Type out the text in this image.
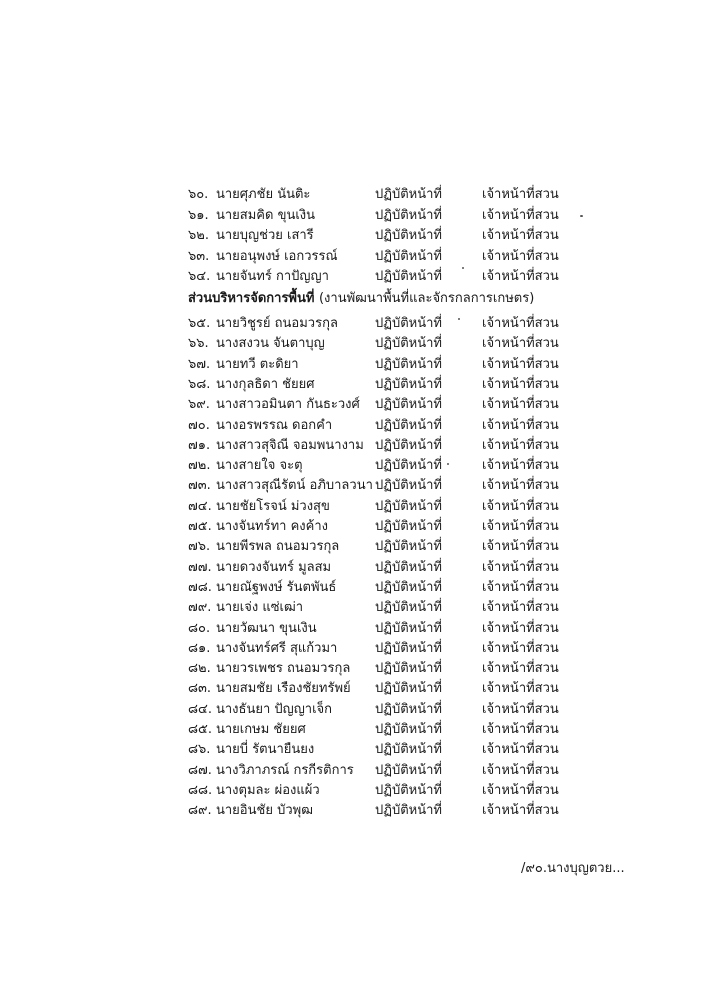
๖๐. นายศุภชัย นันติะ	ปฏิบัติหน้าที่	เจ้าหน้าที่สวน
๖๑. นายสมคิด ขุนเงิน	ปฏิบัติหน้าที่	เจ้าหน้าที่สวน
๖๒. นายบุญช่วย เสารี	ปฏิบัติหน้าที่	เจ้าหน้าที่สวน
๖๓. นายอนุพงษ์ เอกวรรณ์	ปฏิบัติหน้าที่	เจ้าหน้าที่สวน
๖๔. นายจันทร์ กาปัญญา	ปฏิบัติหน้าที่	เจ้าหน้าที่สวน
ส่วนบริหารจัดการพื้นที่ (งานพัฒนาพื้นที่และจักรกลการเกษตร)
๖๕. นายวิชูรย์ ถนอมวรกุล	ปฏิบัติหน้าที่	เจ้าหน้าที่สวน
๖๖. นางสงวน จันตาบุญ	ปฏิบัติหน้าที่	เจ้าหน้าที่สวน
๖๗. นายทวี ตะดิยา	ปฏิบัติหน้าที่	เจ้าหน้าที่สวน
๖๘. นางกุลธิดา ชัยยศ	ปฏิบัติหน้าที่	เจ้าหน้าที่สวน
๖๙. นางสาวอมินตา กันธะวงศ์ ปฏิบัติหน้าที่	เจ้าหน้าที่สวน
๗๐. นางอรพรรณ ดอกคำ	ปฏิบัติหน้าที่	เจ้าหน้าที่สวน
๗๑. นางสาวสุจิณี จอมพนางาม ปฏิบัติหน้าที่	เจ้าหน้าที่สวน
๗๒. นางสายใจ จะตุ	ปฏิบัติหน้าที่	เจ้าหน้าที่สวน
๗๓. นางสาวสุณีรัตน์ อภิบาลวนา ปฏิบัติหน้าที่	เจ้าหน้าที่สวน
๗๔. นายชัยโรจน์ ม่วงสุข	ปฏิบัติหน้าที่	เจ้าหน้าที่สวน
๗๕. นางจันทร์ทา คงค้าง	ปฏิบัติหน้าที่	เจ้าหน้าที่สวน
๗๖. นายพีรพล ถนอมวรกุล	ปฏิบัติหน้าที่	เจ้าหน้าที่สวน
๗๗. นายดวงจันทร์ มูลสม	ปฏิบัติหน้าที่	เจ้าหน้าที่สวน
๗๘. นายณัฐพงษ์ รันตพันธ์	ปฏิบัติหน้าที่	เจ้าหน้าที่สวน
๗๙. นายเจ่ง แซ่เฒ่า	ปฏิบัติหน้าที่	เจ้าหน้าที่สวน
๘๐. นายวัฒนา ขุนเงิน	ปฏิบัติหน้าที่	เจ้าหน้าที่สวน
๘๑. นางจันทร์ศรี สุแก้วมา	ปฏิบัติหน้าที่	เจ้าหน้าที่สวน
๘๒. นายวรเพชร ถนอมวรกุล ปฏิบัติหน้าที่	เจ้าหน้าที่สวน
๘๓. นายสมชัย เรืองชัยทรัพย์ ปฏิบัติหน้าที่	เจ้าหน้าที่สวน
๘๔. นางธันยา ปัญญาเจ็ก	ปฏิบัติหน้าที่	เจ้าหน้าที่สวน
๘๕. นายเกษม ชัยยศ	ปฏิบัติหน้าที่	เจ้าหน้าที่สวน
๘๖. นายบี่ รัตนายืนยง	ปฏิบัติหน้าที่	เจ้าหน้าที่สวน
๘๗. นางวิภาภรณ์ กรกีรติการ ปฏิบัติหน้าที่	เจ้าหน้าที่สวน
๘๘. นางตุมละ ผ่องแผ้ว	ปฏิบัติหน้าที่	เจ้าหน้าที่สวน
๘๙. นายอินชัย บัวพุฒ	ปฏิบัติหน้าที่	เจ้าหน้าที่สวน
/๙๐.นางบุญตวย...
